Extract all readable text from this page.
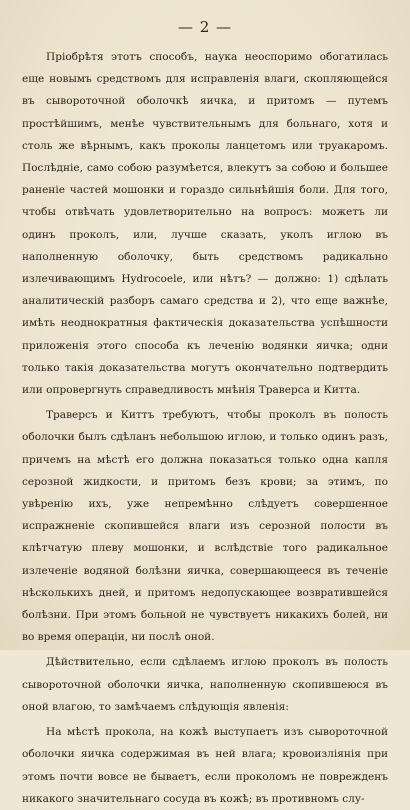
— 2 —

Пріобрѣтя этотъ способъ, наука неоспоримо обогатилась еще новымъ средствомъ для исправленія влаги, скопляющейся въ сывороточной оболочкѣ яичка, и притомъ — путемъ простѣйшимъ, менѣе чувствительнымъ для больнаго, хотя и столь же вѣрнымъ, какъ проколы ланцетомъ или труакаромъ. Послѣдніе, само собою разумѣется, влекутъ за собою и большее раненіе частей мошонки и гораздо сильнѣйшія боли. Для того, чтобы отвѣчать удовлетворительно на вопросъ: можетъ ли одинъ проколъ, или, лучше сказать, уколъ иглою въ наполненную оболочку, быть средствомъ радикально излечивающимъ Hydrocoele, или нѣтъ? — должно: 1) сдѣлать аналитическій разборъ самаго средства и 2), что еще важнѣе, имѣть неоднократныя фактическія доказательства успѣшности приложенія этого способа къ леченію водянки яичка; одни только такія доказательства могутъ окончательно подтвердить или опровергнуть справедливость мнѣнія Траверса и Китта.

Траверсъ и Киттъ требуютъ, чтобы проколъ въ полость оболочки былъ сдѣланъ небольшою иглою, и только одинъ разъ, причемъ на мѣстѣ его должна показаться только одна капля серозной жидкости, и притомъ безъ крови; за этимъ, по увѣренію ихъ, уже непремѣнно слѣдуетъ совершенное испражненіе скопившейся влаги изъ серозной полости въ клѣтчатую плеву мошонки, и вслѣдствіе того радикальное излеченіе водяной болѣзни яичка, совершающееся въ теченіе нѣсколькихъ дней, и притомъ недопускающее возвратившейся болѣзни. При этомъ больной не чувствуетъ никакихъ болей, ни во время операціи, ни послѣ оной.

Дѣйствительно, если сдѣлаемъ иглою проколъ въ полость сывороточной оболочки яичка, наполненную скопившеюся въ оной влагою, то замѣчаемъ слѣдующія явленія:

На мѣстѣ прокола, на кожѣ выступаетъ изъ сывороточной оболочки яичка содержимая въ ней влага; кровоизліянія при этомъ почти вовсе не бываетъ, если прокoломъ не поврежденъ никакого значительнаго сосуда въ кожѣ; въ противномъ слу-
